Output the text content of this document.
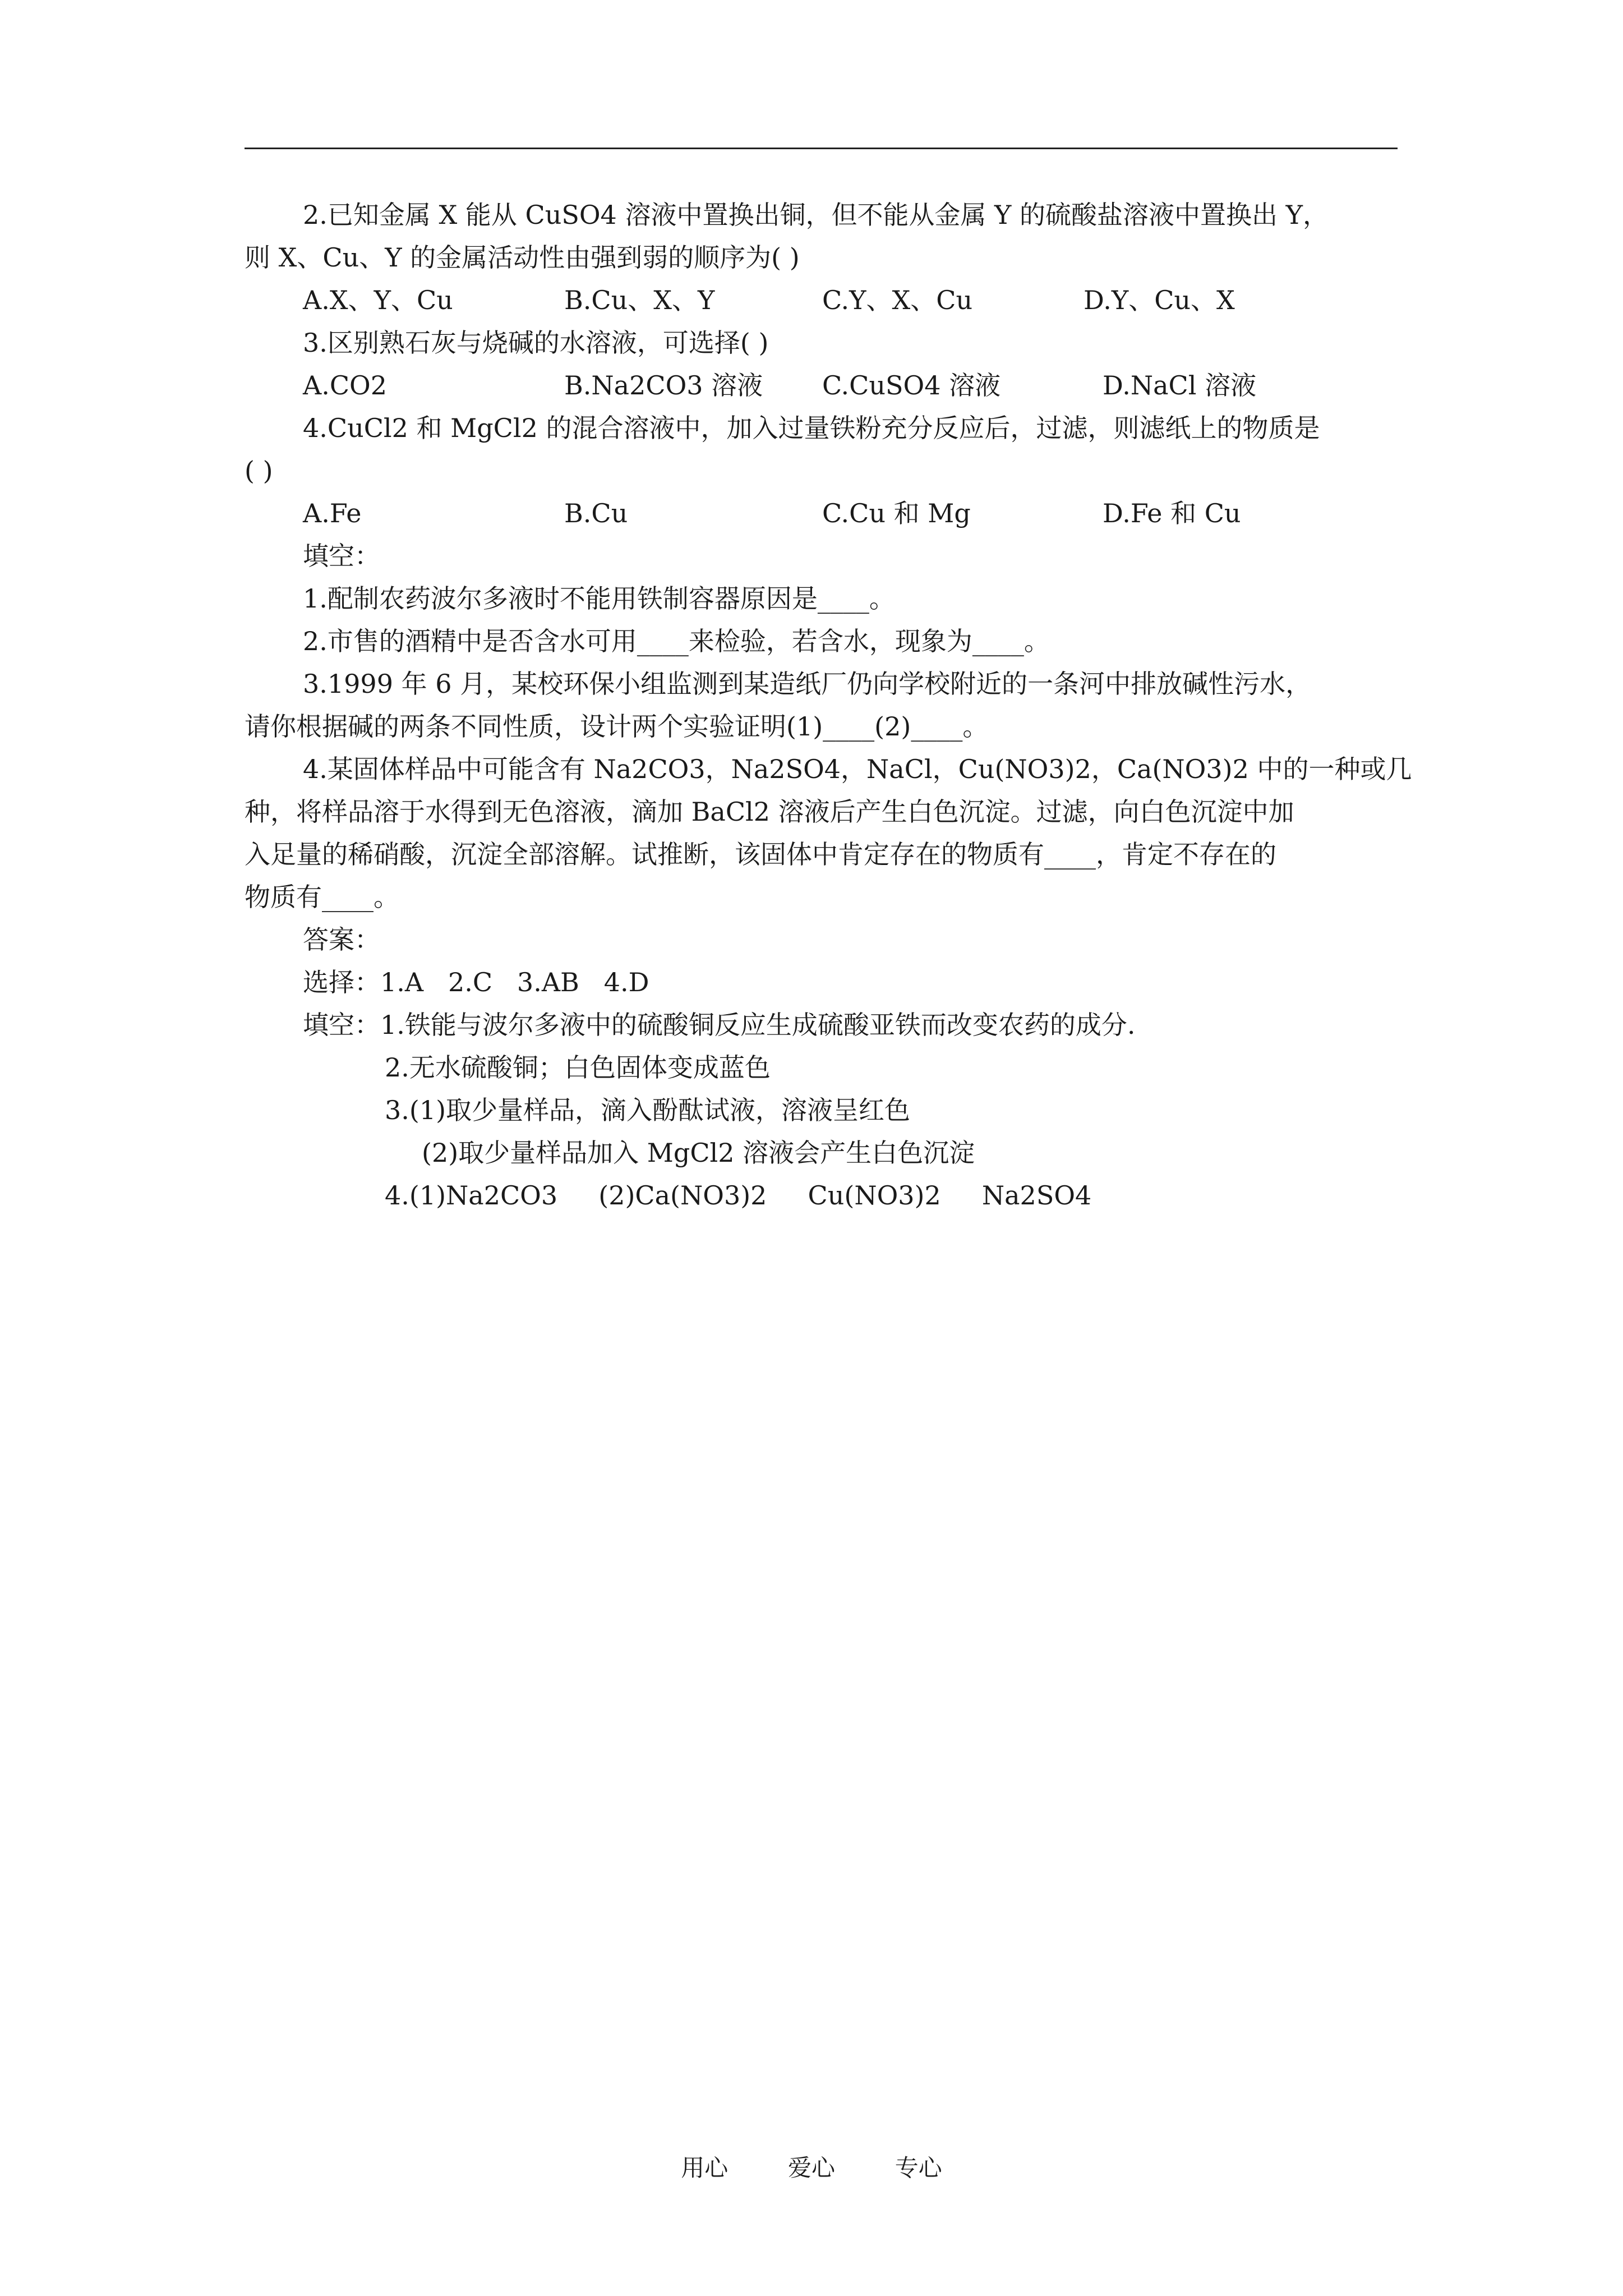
2.已知金属 X 能从 CuSO4 溶液中置换出铜，但不能从金属 Y 的硫酸盐溶液中置换出 Y，
则 X、Cu、Y 的金属活动性由强到弱的顺序为( )
A.X、Y、Cu	B.Cu、X、Y	C.Y、X、Cu	D.Y、Cu、X
3.区别熟石灰与烧碱的水溶液，可选择( )
A.CO2	B.Na2CO3 溶液	C.CuSO4 溶液	D.NaCl 溶液
4.CuCl2 和 MgCl2 的混合溶液中，加入过量铁粉充分反应后，过滤，则滤纸上的物质是
( )
A.Fe	B.Cu	C.Cu 和 Mg	D.Fe 和 Cu
填空：
1.配制农药波尔多液时不能用铁制容器原因是____。
2.市售的酒精中是否含水可用____来检验，若含水，现象为____。
3.1999 年 6 月，某校环保小组监测到某造纸厂仍向学校附近的一条河中排放碱性污水，
请你根据碱的两条不同性质，设计两个实验证明(1)____(2)____。
4.某固体样品中可能含有 Na2CO3，Na2SO4，NaCl，Cu(NO3)2，Ca(NO3)2 中的一种或几
种，将样品溶于水得到无色溶液，滴加 BaCl2 溶液后产生白色沉淀。过滤，向白色沉淀中加
入足量的稀硝酸，沉淀全部溶解。试推断，该固体中肯定存在的物质有____，肯定不存在的
物质有____。
答案：
选择：1.A   2.C   3.AB   4.D
填空：1.铁能与波尔多液中的硫酸铜反应生成硫酸亚铁而改变农药的成分.
2.无水硫酸铜；白色固体变成蓝色
3.(1)取少量样品，滴入酚酞试液，溶液呈红色
(2)取少量样品加入 MgCl2 溶液会产生白色沉淀
4.(1)Na2CO3     (2)Ca(NO3)2     Cu(NO3)2     Na2SO4
用心        爱心        专心
